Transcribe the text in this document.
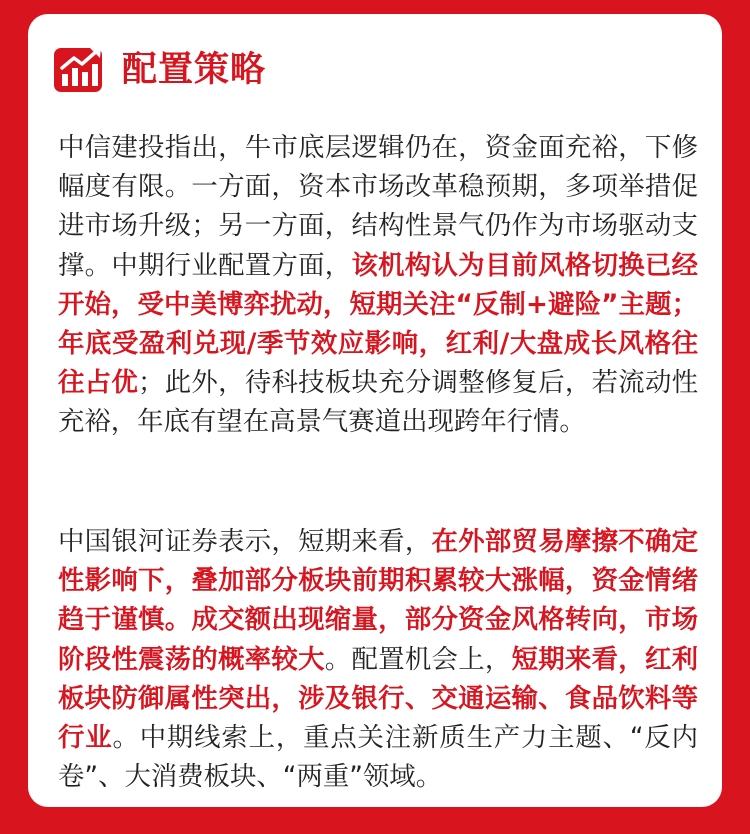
配置策略

中信建投指出，牛市底层逻辑仍在，资金面充裕，下修幅度有限。一方面，资本市场改革稳预期，多项举措促进市场升级；另一方面，结构性景气仍作为市场驱动支撑。中期行业配置方面，该机构认为目前风格切换已经开始，受中美博弈扰动，短期关注“反制+避险”主题；年底受盈利兑现/季节效应影响，红利/大盘成长风格往往占优；此外，待科技板块充分调整修复后，若流动性充裕，年底有望在高景气赛道出现跨年行情。

中国银河证券表示，短期来看，在外部贸易摩擦不确定性影响下，叠加部分板块前期积累较大涨幅，资金情绪趋于谨慎。成交额出现缩量，部分资金风格转向，市场阶段性震荡的概率较大。配置机会上，短期来看，红利板块防御属性突出，涉及银行、交通运输、食品饮料等行业。中期线索上，重点关注新质生产力主题、“反内卷”、大消费板块、“两重”领域。
